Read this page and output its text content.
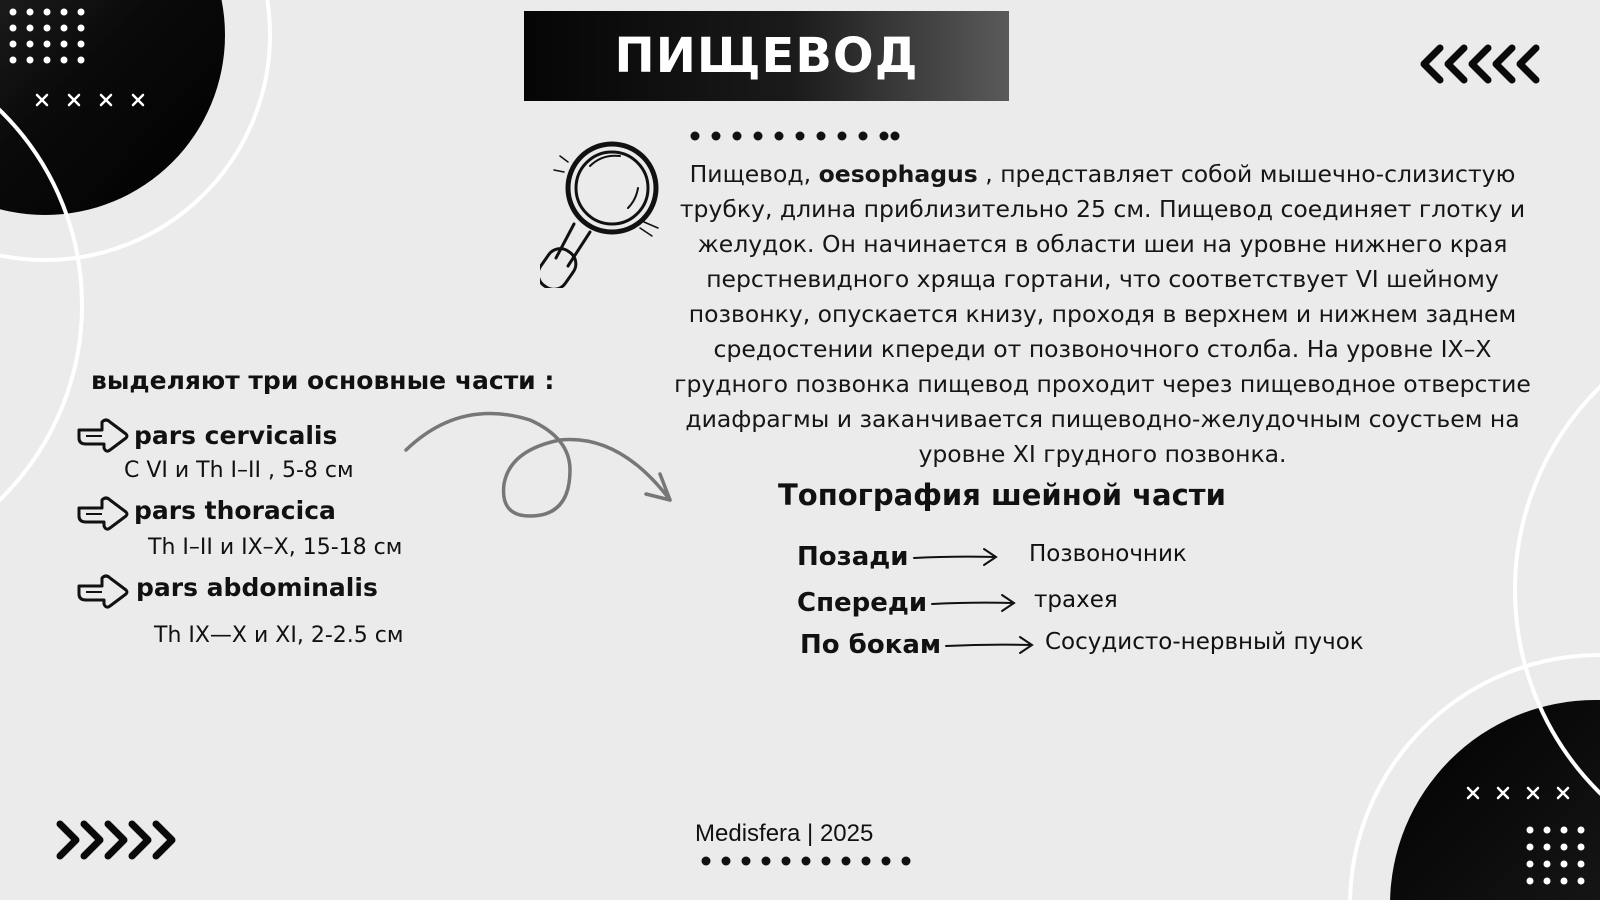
ПИЩЕВОД
Пищевод, oesophagus , представляет собой мышечно-слизистую трубку, длина приблизительно 25 см. Пищевод соединяет глотку и желудок. Он начинается в области шеи на уровне нижнего края перстневидного хряща гортани, что соответствует VI шейному позвонку, опускается книзу, проходя в верхнем и нижнем заднем средостении кпереди от позвоночного столба. На уровне IX–X грудного позвонка пищевод проходит через пищеводное отверстие диафрагмы и заканчивается пищеводно-желудочным соустьем на уровне XI грудного позвонка.
выделяют три основные части :
pars cervicalis
C VI и Th I–II , 5-8 см
pars thoracica
Th I–II и IX–X, 15-18 см
pars abdominalis
Th IX—X и XI, 2-2.5 см
Топография шейной части
Позади	Позвоночник
Спереди	трахея
По бокам	Сосудисто-нервный пучок
Medisfera | 2025
